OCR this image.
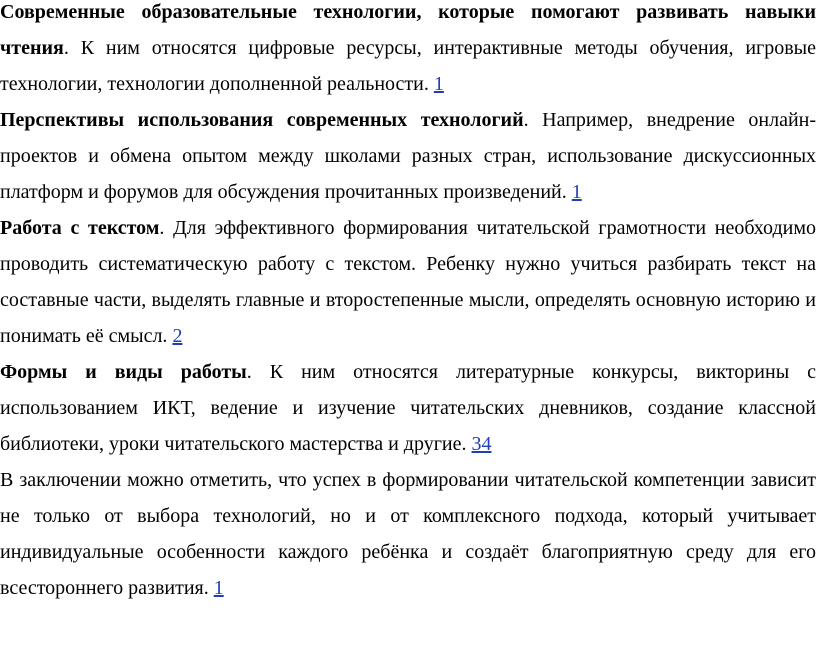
Современные образовательные технологии, которые помогают развивать навыки чтения. К ним относятся цифровые ресурсы, интерактивные методы обучения, игровые технологии, технологии дополненной реальности. 1

Перспективы использования современных технологий. Например, внедрение онлайн-проектов и обмена опытом между школами разных стран, использование дискуссионных платформ и форумов для обсуждения прочитанных произведений. 1

Работа с текстом. Для эффективного формирования читательской грамотности необходимо проводить систематическую работу с текстом. Ребенку нужно учиться разбирать текст на составные части, выделять главные и второстепенные мысли, определять основную историю и понимать её смысл. 2

Формы и виды работы. К ним относятся литературные конкурсы, викторины с использованием ИКТ, ведение и изучение читательских дневников, создание классной библиотеки, уроки читательского мастерства и другие. 34

В заключении можно отметить, что успех в формировании читательской компетенции зависит не только от выбора технологий, но и от комплексного подхода, который учитывает индивидуальные особенности каждого ребёнка и создаёт благоприятную среду для его всестороннего развития. 1
